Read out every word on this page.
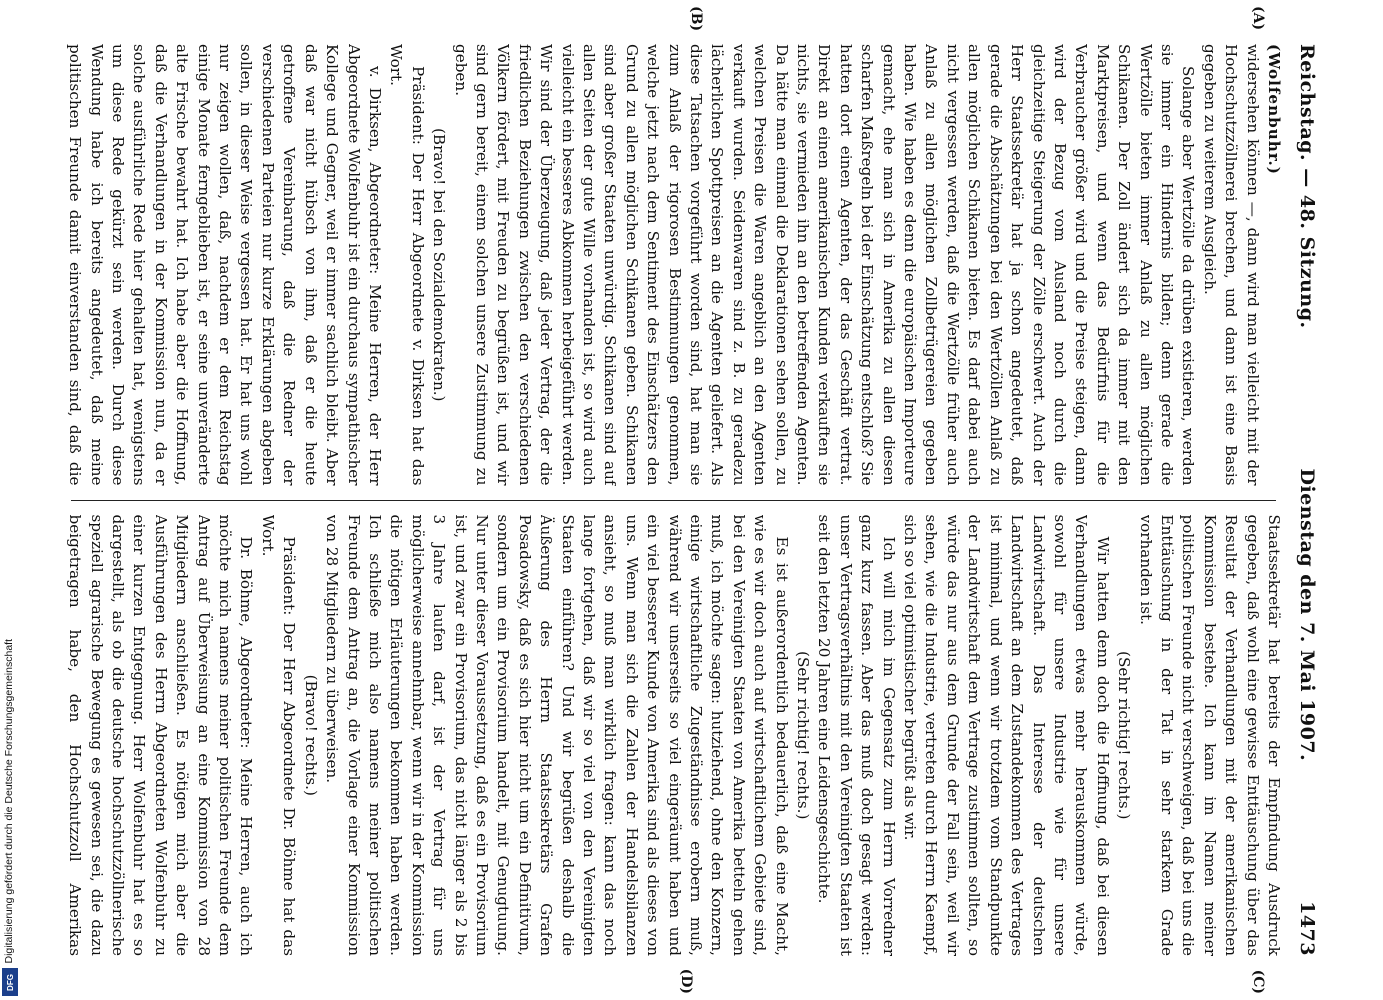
Digitalisierung gefördert durch die Deutsche Forschungsgemeinschaft
DFG
Reichstag. — 48. Sitzung.
Dienstag den 7. Mai 1907.
1473
(A)
(B)
(C)
(D)

(Wolfenbuhr.)

widersehen können —, dann wird man vielleicht mit der Hochschutzzöllnerei brechen, und dann ist eine Basis gegeben zu weiterem Ausgleich.

Solange aber Wertzölle da drüben existieren, werden sie immer ein Hindernis bilden; denn gerade die Wertzölle bieten immer Anlaß zu allen möglichen Schikanen. Der Zoll ändert sich da immer mit den Marktpreisen, und wenn das Bedürfnis für die Verbraucher größer wird und die Preise steigen, dann wird der Bezug vom Ausland noch durch die gleichzeitige Steigerung der Zölle erschwert. Auch der Herr Staatssekretär hat ja schon angedeutet, daß gerade die Abschätzungen bei den Wertzöllen Anlaß zu allen möglichen Schikanen bieten. Es darf dabei auch nicht vergessen werden, daß die Wertzölle früher auch Anlaß zu allen möglichen Zollbetrügereien gegeben haben. Wie haben es denn die europäischen Importeure gemacht, ehe man sich in Amerika zu allen diesen scharfen Maßregeln bei der Einschätzung entschloß? Sie hatten dort einen Agenten, der das Geschäft vertrat. Direkt an einen amerikanischen Kunden verkauften sie nichts, sie vermieden ihn an den betreffenden Agenten. Da hätte man einmal die Deklarationen sehen sollen, zu welchen Preisen die Waren angeblich an den Agenten verkauft wurden. Seidenwaren sind z. B. zu geradezu lächerlichen Spottpreisen an die Agenten geliefert. Als diese Tatsachen vorgeführt worden sind, hat man sie zum Anlaß der rigorosen Bestimmungen genommen, welche jetzt nach dem Sentiment des Einschätzers den Grund zu allen möglichen Schikanen geben. Schikanen sind aber großer Staaten unwürdig. Schikanen sind auf allen Seiten der gute Wille vorhanden ist, so wird auch vielleicht ein besseres Abkommen herbeigeführt werden. Wir sind der Überzeugung, daß jeder Vertrag, der die friedlichen Beziehungen zwischen den verschiedenen Völkern fördert, mit Freuden zu begrüßen ist, und wir sind gern bereit, einem solchen unsere Zustimmung zu geben.

(Bravo! bei den Sozialdemokraten.)

Präsident: Der Herr Abgeordnete v. Dirksen hat das Wort.

v. Dirksen, Abgeordneter: Meine Herren, der Herr Abgeordnete Wolfenbuhr ist ein durchaus sympathischer Kollege und Gegner, weil er immer sachlich bleibt. Aber daß war nicht hübsch von ihm, daß er die heute getroffene Vereinbarung, daß die Redner der verschiedenen Parteien nur kurze Erklärungen abgeben sollen, in dieser Weise vergessen hat. Er hat uns wohl nur zeigen wollen, daß, nachdem er dem Reichstag einige Monate ferngeblieben ist, er seine unveränderte alte Frische bewahrt hat. Ich habe aber die Hoffnung, daß die Verhandlungen in der Kommission nun, da er solche ausführliche Rede hier gehalten hat, wenigstens um diese Rede gekürzt sein werden. Durch diese Wendung habe ich bereits angedeutet, daß meine politischen Freunde damit einverstanden sind, daß die

Staatssekretär hat bereits der Empfindung Ausdruck gegeben, daß wohl eine gewisse Enttäuschung über das Resultat der Verhandlungen mit der amerikanischen Kommission bestehe. Ich kann im Namen meiner politischen Freunde nicht verschweigen, daß bei uns die Enttäuschung in der Tat in sehr starkem Grade vorhanden ist.

(Sehr richtig! rechts.)

Wir hatten denn doch die Hoffnung, daß bei diesen Verhandlungen etwas mehr herauskommen würde, sowohl für unsere Industrie wie für unsere Landwirtschaft. Das Interesse der deutschen Landwirtschaft an dem Zustandekommen des Vertrages ist minimal, und wenn wir trotzdem vom Standpunkte der Landwirtschaft dem Vertrage zustimmen sollten, so würde das nur aus dem Grunde der Fall sein, weil wir sehen, wie die Industrie, vertreten durch Herrn Kaempf, sich so viel optimistischer begrüßt als wir.

Ich will mich im Gegensatz zum Herrn Vorredner ganz kurz fassen. Aber das muß doch gesagt werden: unser Vertragsverhältnis mit den Vereinigten Staaten ist seit den letzten 20 Jahren eine Leidensgeschichte.

(Sehr richtig! rechts.)

Es ist außerordentlich bedauerlich, daß eine Macht, wie es wir doch auch auf wirtschaftlichem Gebiete sind, bei den Vereinigten Staaten von Amerika betteln gehen muß, ich möchte sagen: hutziehend, ohne den Konzern, einige wirtschaftliche Zugeständnisse erobern muß, während wir unserseits so viel eingeräumt haben und ein viel besserer Kunde von Amerika sind als dieses von uns. Wenn man sich die Zahlen der Handelsbilanzen ansieht, so muß man wirklich fragen: kann das noch lange fortgehen, daß wir so viel von den Vereinigten Staaten einführen? Und wir begrüßen deshalb die Äußerung des Herrn Staatssekretärs Grafen Posadowsky, daß es sich hier nicht um ein Definitivum, sondern um ein Provisorium handelt, mit Genugtuung. Nur unter dieser Voraussetzung, daß es ein Provisorium ist, und zwar ein Provisorium, das nicht länger als 2 bis 3 Jahre laufen darf, ist der Vertrag für uns möglicherweise annehmbar, wenn wir in der Kommission die nötigen Erläuterungen bekommen haben werden. Ich schließe mich also namens meiner politischen Freunde dem Antrag an, die Vorlage einer Kommission von 28 Mitgliedern zu überweisen.

(Bravo! rechts.)

Präsident: Der Herr Abgeordnete Dr. Böhme hat das Wort.

Dr. Böhme, Abgeordneter: Meine Herren, auch ich möchte mich namens meiner politischen Freunde dem Antrag auf Überweisung an eine Kommission von 28 Mitgliedern anschließen. Es nötigen mich aber die Ausführungen des Herrn Abgeordneten Wolfenbuhr zu einer kurzen Entgegnung. Herr Wolfenbuhr hat es so dargestellt, als ob die deutsche hochschutzzöllnerische speziell agrarische Bewegung es gewesen sei, die dazu beigetragen habe, den Hochschutzzoll Amerikas
